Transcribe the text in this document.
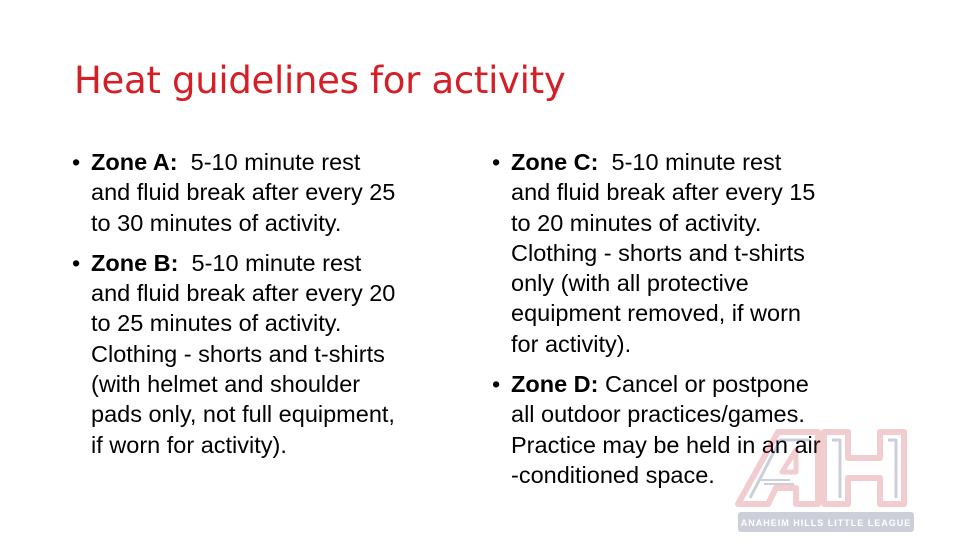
Heat guidelines for activity
• Zone A:  5-10 minute rest
and fluid break after every 25
to 30 minutes of activity.
• Zone B:  5-10 minute rest
and fluid break after every 20
to 25 minutes of activity.
Clothing - shorts and t-shirts
(with helmet and shoulder
pads only, not full equipment,
if worn for activity).
• Zone C:  5-10 minute rest
and fluid break after every 15
to 20 minutes of activity.
Clothing - shorts and t-shirts
only (with all protective
equipment removed, if worn
for activity).
• Zone D: Cancel or postpone
all outdoor practices/games.
Practice may be held in an air
-conditioned space.
ANAHEIM HILLS LITTLE LEAGUE
